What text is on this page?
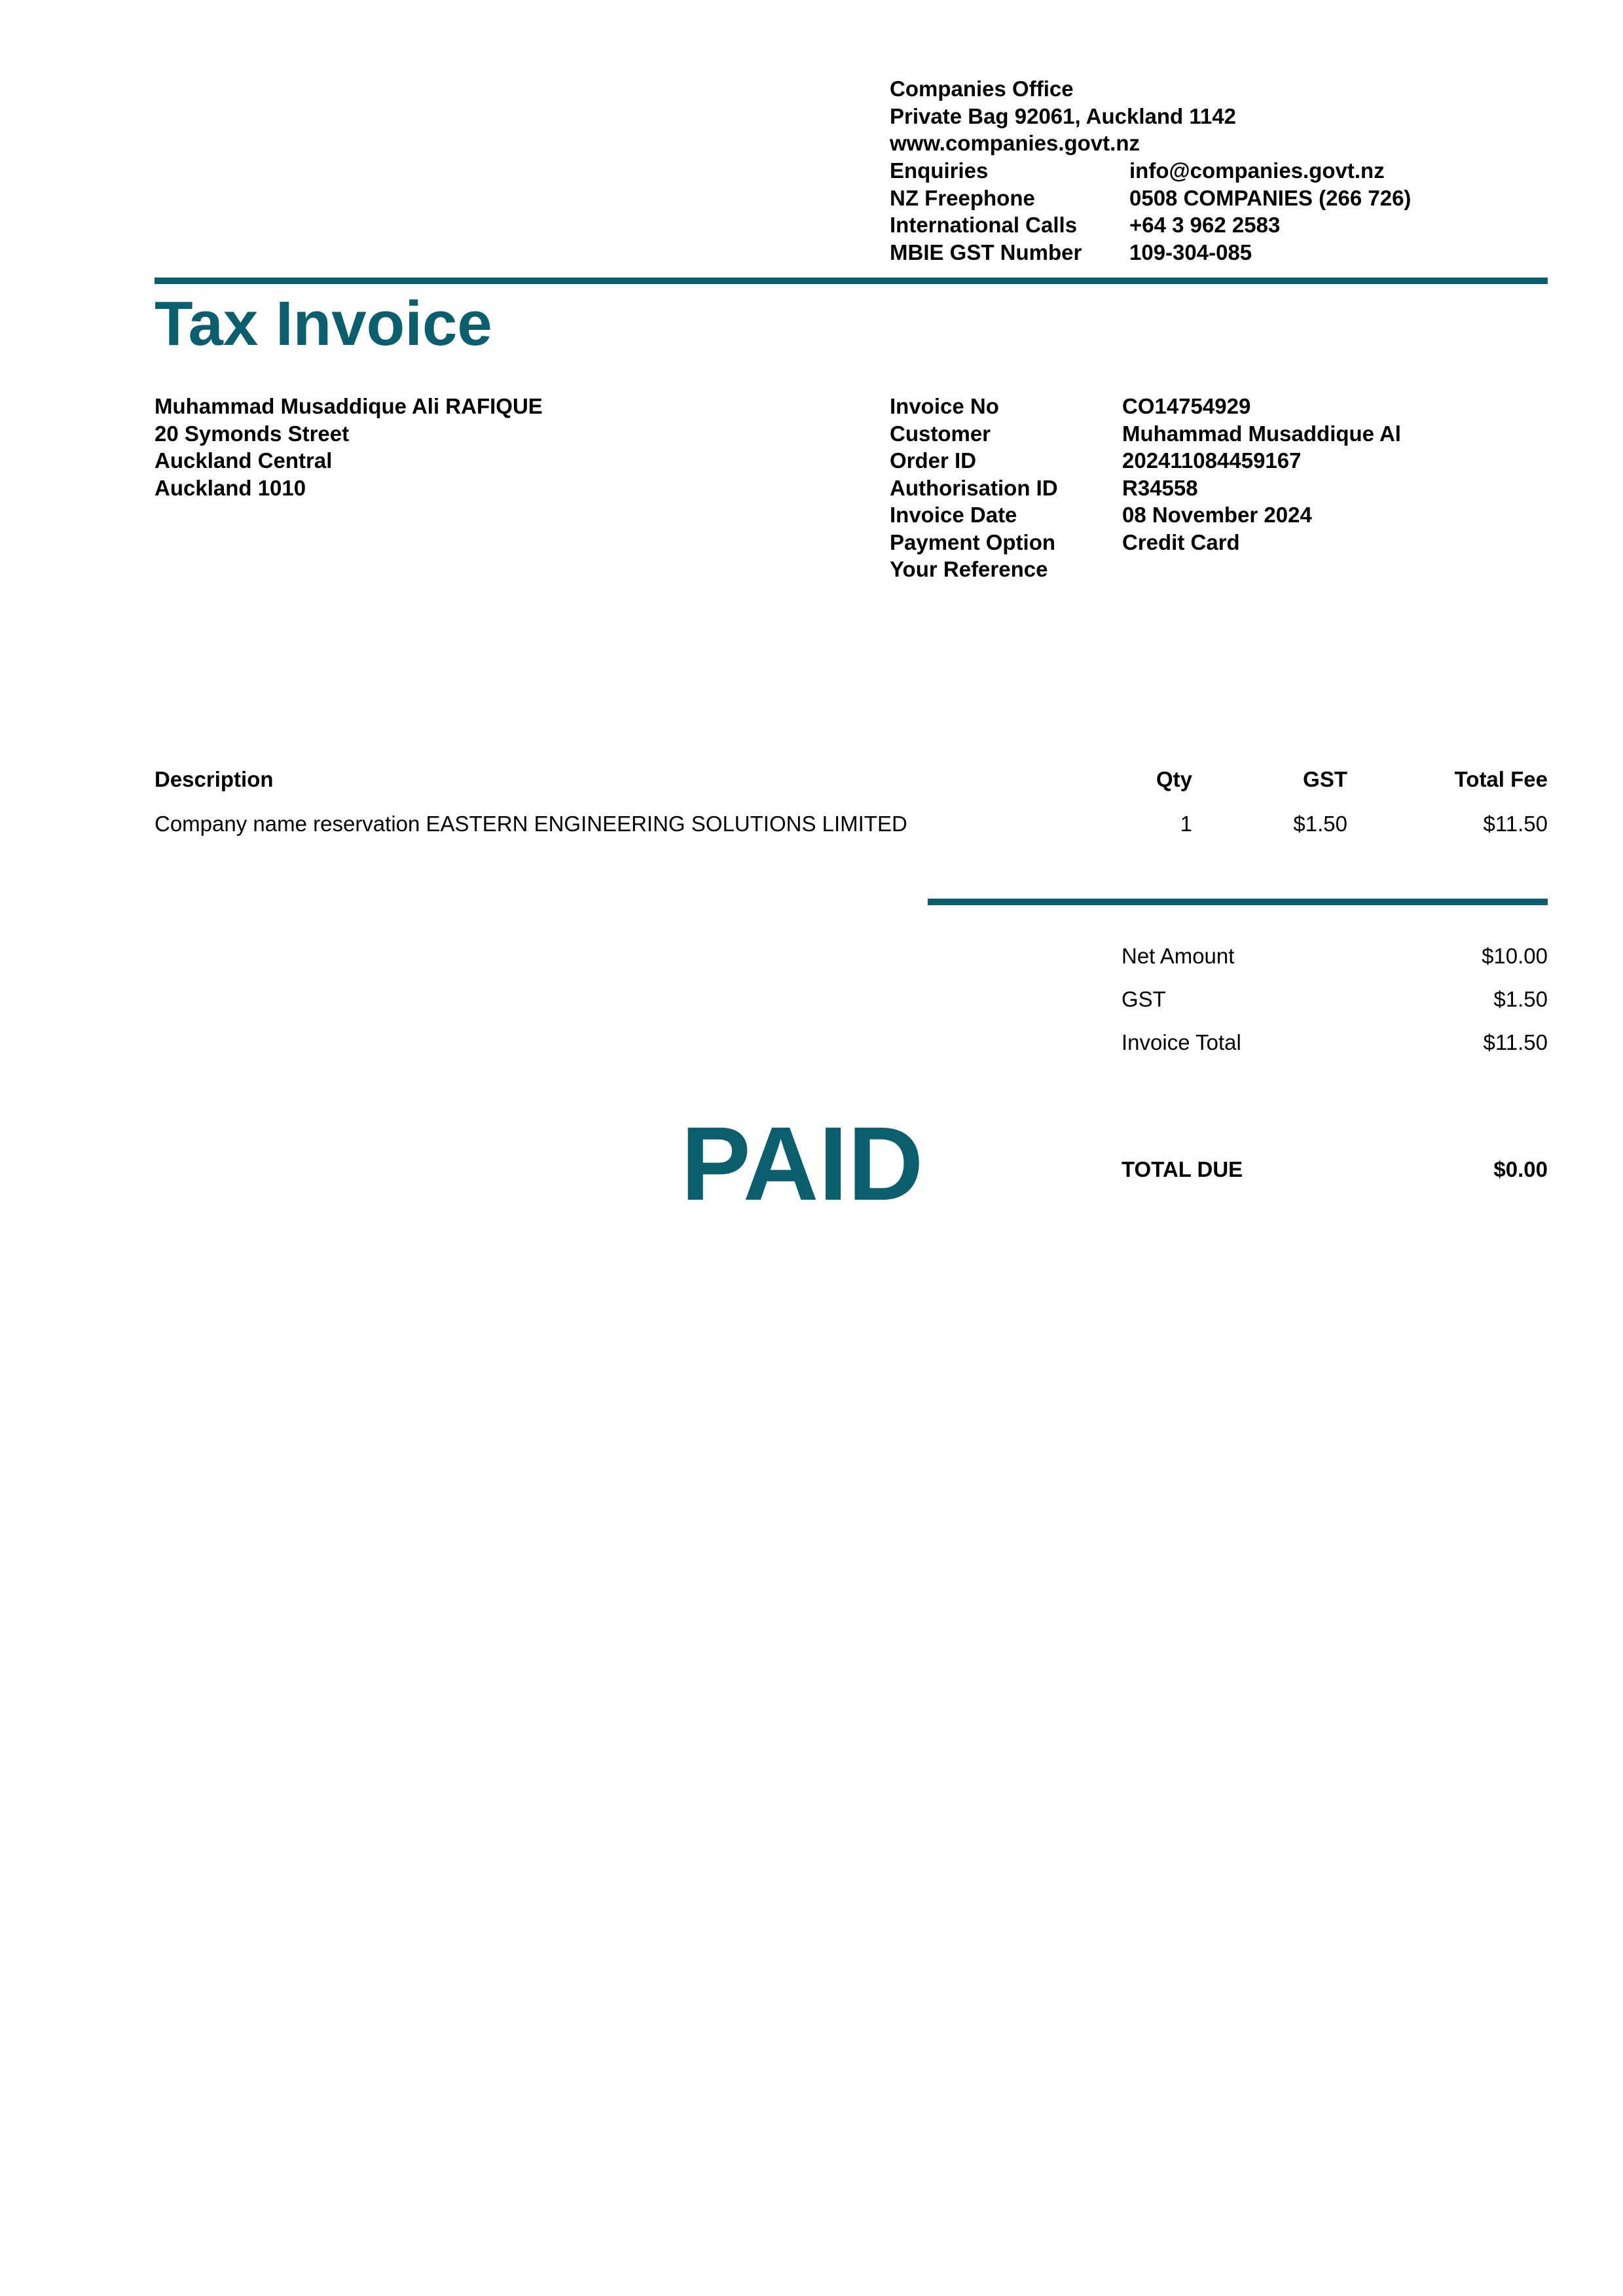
Companies Office
Private Bag 92061, Auckland 1142
www.companies.govt.nz
Enquiries	info@companies.govt.nz
NZ Freephone	0508 COMPANIES (266 726)
International Calls	+64 3 962 2583
MBIE GST Number	109-304-085
Tax Invoice
Muhammad Musaddique Ali RAFIQUE
20 Symonds Street
Auckland Central
Auckland 1010
Invoice No	CO14754929
Customer	Muhammad Musaddique Al
Order ID	202411084459167
Authorisation ID	R34558
Invoice Date	08 November 2024
Payment Option	Credit Card
Your Reference
Description	Qty	GST	Total Fee
Company name reservation EASTERN ENGINEERING SOLUTIONS LIMITED	1	$1.50	$11.50
Net Amount	$10.00
GST	$1.50
Invoice Total	$11.50
PAID	TOTAL DUE	$0.00
